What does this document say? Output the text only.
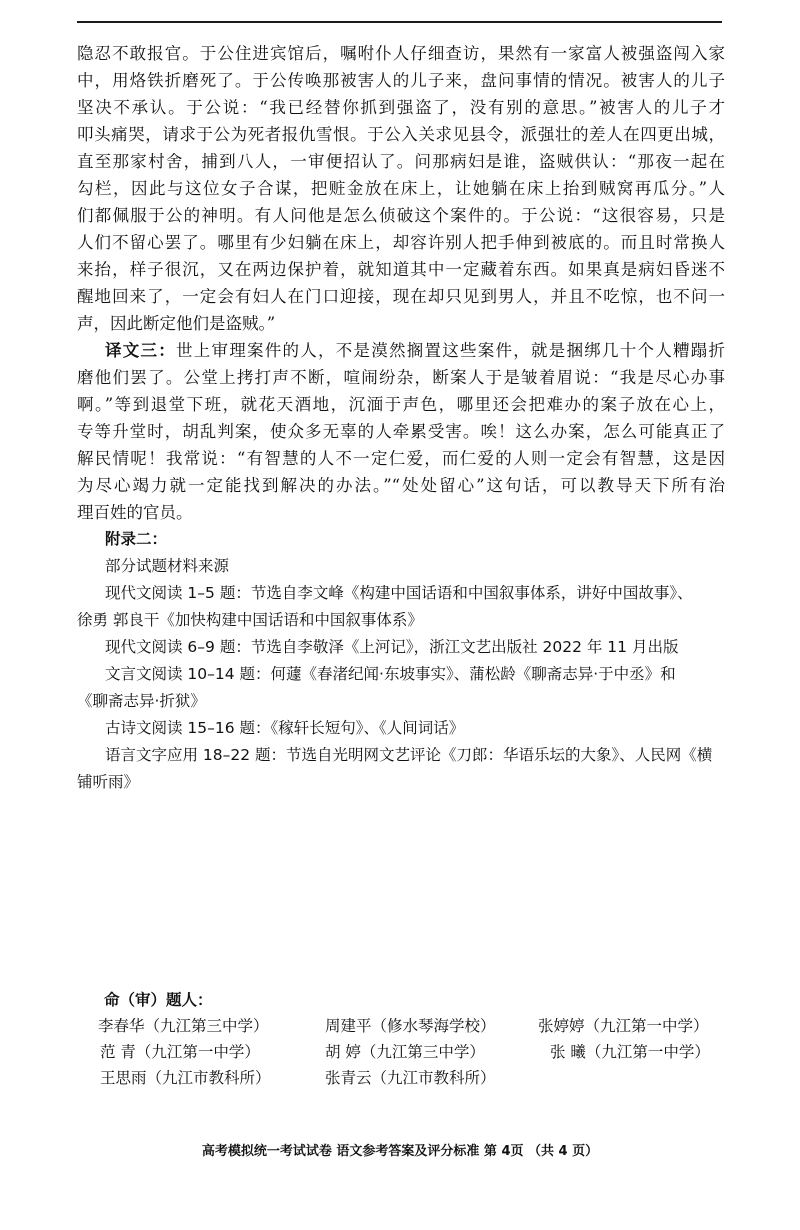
隐忍不敢报官。于公住进宾馆后，嘱咐仆人仔细查访，果然有一家富人被强盗闯入家
中，用烙铁折磨死了。于公传唤那被害人的儿子来，盘问事情的情况。被害人的儿子
坚决不承认。于公说：“我已经替你抓到强盗了，没有别的意思。”被害人的儿子才
叩头痛哭，请求于公为死者报仇雪恨。于公入关求见县令，派强壮的差人在四更出城，
直至那家村舍，捕到八人，一审便招认了。问那病妇是谁，盗贼供认：“那夜一起在
勾栏，因此与这位女子合谋，把赃金放在床上，让她躺在床上抬到贼窝再瓜分。”人
们都佩服于公的神明。有人问他是怎么侦破这个案件的。于公说：“这很容易，只是
人们不留心罢了。哪里有少妇躺在床上，却容许别人把手伸到被底的。而且时常换人
来抬，样子很沉，又在两边保护着，就知道其中一定藏着东西。如果真是病妇昏迷不
醒地回来了，一定会有妇人在门口迎接，现在却只见到男人，并且不吃惊，也不问一
声，因此断定他们是盗贼。”
译文三：世上审理案件的人，不是漠然搁置这些案件，就是捆绑几十个人糟蹋折
磨他们罢了。公堂上拷打声不断，喧闹纷杂，断案人于是皱着眉说：“我是尽心办事
啊。”等到退堂下班，就花天酒地，沉湎于声色，哪里还会把难办的案子放在心上，
专等升堂时，胡乱判案，使众多无辜的人牵累受害。唉！这么办案，怎么可能真正了
解民情呢！我常说：“有智慧的人不一定仁爱，而仁爱的人则一定会有智慧，这是因
为尽心竭力就一定能找到解决的办法。”“处处留心”这句话，可以教导天下所有治
理百姓的官员。
附录二：
部分试题材料来源
现代文阅读 1–5 题：节选自李文峰《构建中国话语和中国叙事体系，讲好中国故事》、
徐勇 郭良干《加快构建中国话语和中国叙事体系》
现代文阅读 6–9 题：节选自李敬泽《上河记》，浙江文艺出版社 2022 年 11 月出版
文言文阅读 10–14 题：何蘧《春渚纪闻·东坡事实》、蒲松龄《聊斋志异·于中丞》和
《聊斋志异·折狱》
古诗文阅读 15–16 题：《稼轩长短句》、《人间词话》
语言文字应用 18–22 题：节选自光明网文艺评论《刀郎：华语乐坛的大象》、人民网《横
铺听雨》
命（审）题人：
李春华（九江第三中学）	周建平（修水琴海学校）	张婷婷（九江第一中学）
范 青（九江第一中学）	胡 婷（九江第三中学）	张 曦（九江第一中学）
王思雨（九江市教科所）	张青云（九江市教科所）
高考模拟统一考试试卷 语文参考答案及评分标准 第 4页 （共 4 页）
